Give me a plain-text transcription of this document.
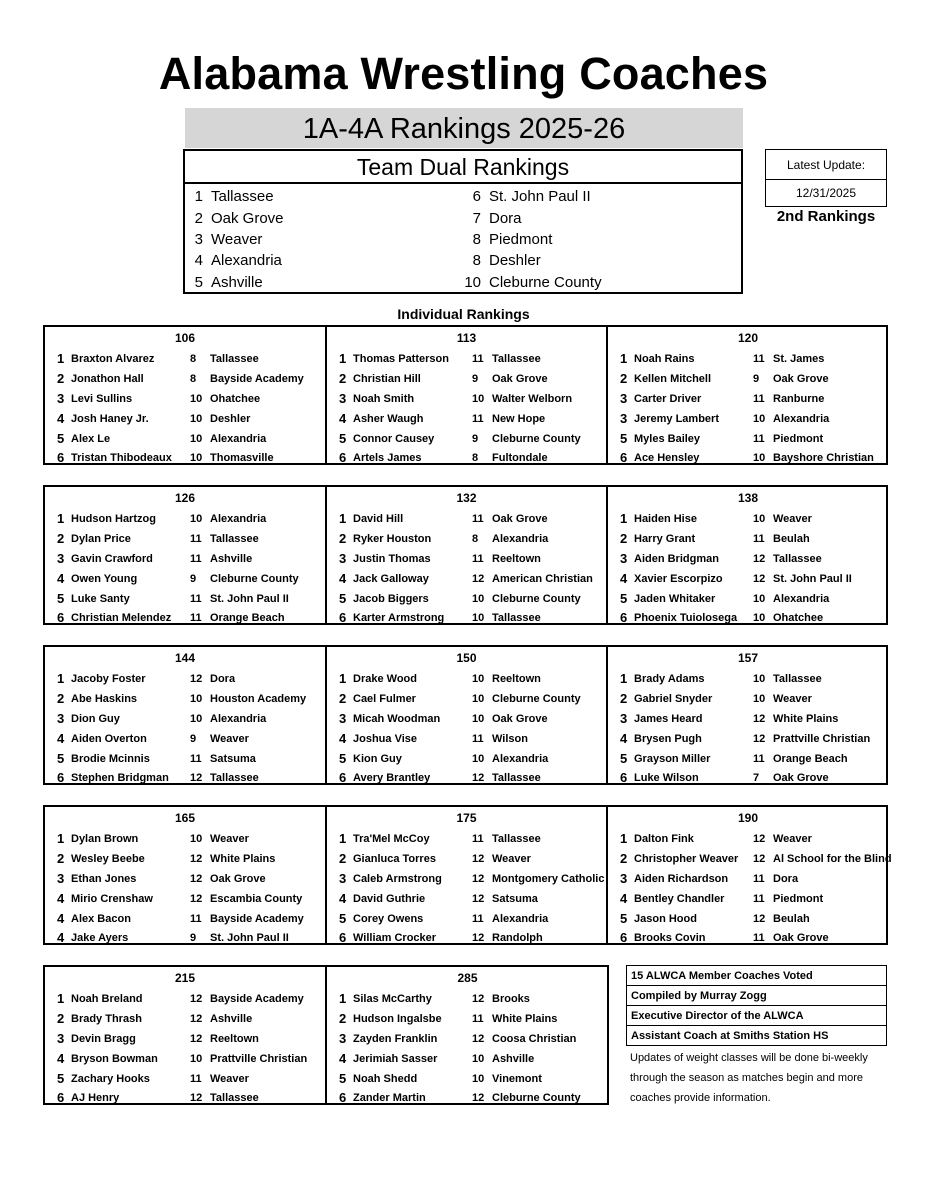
Alabama Wrestling Coaches
1A-4A Rankings 2025-26
Team Dual Rankings
1 Tallassee	6 St. John Paul II
2 Oak Grove	7 Dora
3 Weaver	8 Piedmont
4 Alexandria	8 Deshler
5 Ashville	10 Cleburne County
Latest Update:
12/31/2025
2nd Rankings
Individual Rankings
106
1 Braxton Alvarez	8 Tallassee
2 Jonathon Hall	8 Bayside Academy
3 Levi Sullins	10 Ohatchee
4 Josh Haney Jr.	10 Deshler
5 Alex Le	10 Alexandria
6 Tristan Thibodeaux 10 Thomasville
113
1 Thomas Patterson 11 Tallassee
2 Christian Hill	9 Oak Grove
3 Noah Smith	10 Walter Welborn
4 Asher Waugh	11 New Hope
5 Connor Causey	9 Cleburne County
6 Artels James	8 Fultondale
120
1 Noah Rains	11 St. James
2 Kellen Mitchell	9 Oak Grove
3 Carter Driver	11 Ranburne
3 Jeremy Lambert	10 Alexandria
5 Myles Bailey	11 Piedmont
6 Ace Hensley	10 Bayshore Christian
126
1 Hudson Hartzog	10 Alexandria
2 Dylan Price	11 Tallassee
3 Gavin Crawford	11 Ashville
4 Owen Young	9 Cleburne County
5 Luke Santy	11 St. John Paul II
6 Christian Melendez 11 Orange Beach
132
1 David Hill	11 Oak Grove
2 Ryker Houston	8 Alexandria
3 Justin Thomas	11 Reeltown
4 Jack Galloway	12 American Christian
5 Jacob Biggers	10 Cleburne County
6 Karter Armstrong	10 Tallassee
138
1 Haiden Hise	10 Weaver
2 Harry Grant	11 Beulah
3 Aiden Bridgman	12 Tallassee
4 Xavier Escorpizo	12 St. John Paul II
5 Jaden Whitaker	10 Alexandria
6 Phoenix Tuiolosega 10 Ohatchee
144
1 Jacoby Foster	12 Dora
2 Abe Haskins	10 Houston Academy
3 Dion Guy	10 Alexandria
4 Aiden Overton	9 Weaver
5 Brodie Mcinnis	11 Satsuma
6 Stephen Bridgman 12 Tallassee
150
1 Drake Wood	10 Reeltown
2 Cael Fulmer	10 Cleburne County
3 Micah Woodman	10 Oak Grove
4 Joshua Vise	11 Wilson
5 Kion Guy	10 Alexandria
6 Avery Brantley	12 Tallassee
157
1 Brady Adams	10 Tallassee
2 Gabriel Snyder	10 Weaver
3 James Heard	12 White Plains
4 Brysen Pugh	12 Prattville Christian
5 Grayson Miller	11 Orange Beach
6 Luke Wilson	7 Oak Grove
165
1 Dylan Brown	10 Weaver
2 Wesley Beebe	12 White Plains
3 Ethan Jones	12 Oak Grove
4 Mirio Crenshaw	12 Escambia County
4 Alex Bacon	11 Bayside Academy
4 Jake Ayers	9 St. John Paul II
175
1 Tra'Mel McCoy	11 Tallassee
2 Gianluca Torres	12 Weaver
3 Caleb Armstrong	12 Montgomery Catholic
4 David Guthrie	12 Satsuma
5 Corey Owens	11 Alexandria
6 William Crocker	12 Randolph
190
1 Dalton Fink	12 Weaver
2 Christopher Weaver 12 Al School for the Blind
3 Aiden Richardson 11 Dora
4 Bentley Chandler	11 Piedmont
5 Jason Hood	12 Beulah
6 Brooks Covin	11 Oak Grove
215
1 Noah Breland	12 Bayside Academy
2 Brady Thrash	12 Ashville
3 Devin Bragg	12 Reeltown
4 Bryson Bowman	10 Prattville Christian
5 Zachary Hooks	11 Weaver
6 AJ Henry	12 Tallassee
285
1 Silas McCarthy	12 Brooks
2 Hudson Ingalsbe	11 White Plains
3 Zayden Franklin	12 Coosa Christian
4 Jerimiah Sasser	10 Ashville
5 Noah Shedd	10 Vinemont
6 Zander Martin	12 Cleburne County
15 ALWCA Member Coaches Voted
Compiled by Murray Zogg
Executive Director of the ALWCA
Assistant Coach at Smiths Station HS
Updates of weight classes will be done bi-weekly through the season as matches begin and more coaches provide information.
